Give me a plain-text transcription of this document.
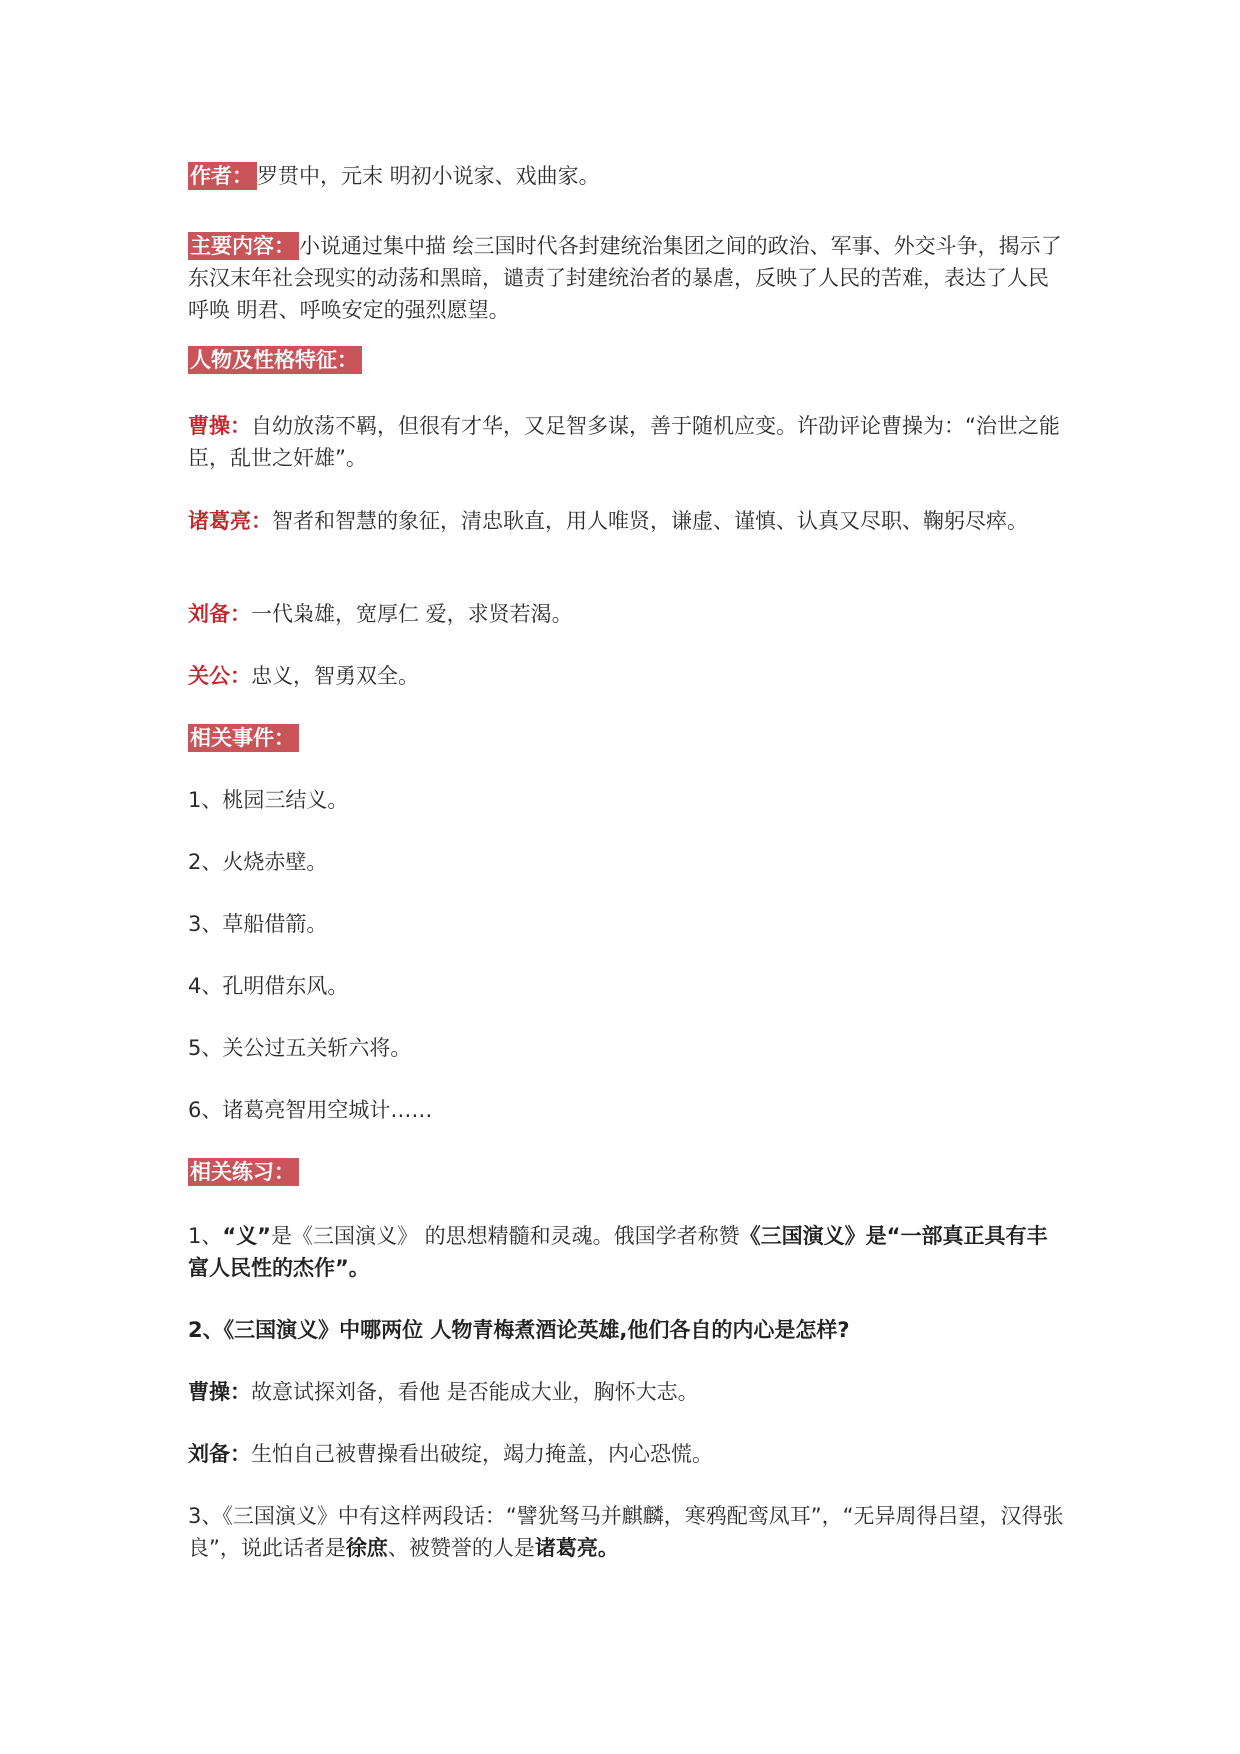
作者： 罗贯中，元末 明初小说家、戏曲家。

主要内容： 小说通过集中描 绘三国时代各封建统治集团之间的政治、军事、外交斗争，揭示了东汉末年社会现实的动荡和黑暗，谴责了封建统治者的暴虐，反映了人民的苦难，表达了人民呼唤 明君、呼唤安定的强烈愿望。

人物及性格特征：

曹操：自幼放荡不羁，但很有才华，又足智多谋，善于随机应变。许劭评论曹操为：“治世之能臣，乱世之奸雄”。

诸葛亮：智者和智慧的象征，清忠耿直，用人唯贤，谦虚、谨慎、认真又尽职、鞠躬尽瘁。

刘备：一代枭雄，宽厚仁 爱，求贤若渴。

关公：忠义，智勇双全。

相关事件：

1、桃园三结义。

2、火烧赤壁。

3、草船借箭。

4、孔明借东风。

5、关公过五关斩六将。

6、诸葛亮智用空城计……

相关练习：

1、“义”是《三国演义》 的思想精髓和灵魂。俄国学者称赞《三国演义》是“一部真正具有丰富人民性的杰作”。

2、《三国演义》中哪两位 人物青梅煮酒论英雄,他们各自的内心是怎样?

曹操：故意试探刘备，看他 是否能成大业，胸怀大志。

刘备：生怕自己被曹操看出破绽，竭力掩盖，内心恐慌。

3、《三国演义》中有这样两段话：“譬犹驽马并麒麟，寒鸦配鸾凤耳”，“无异周得吕望，汉得张良”，说此话者是徐庶、被赞誉的人是诸葛亮。
